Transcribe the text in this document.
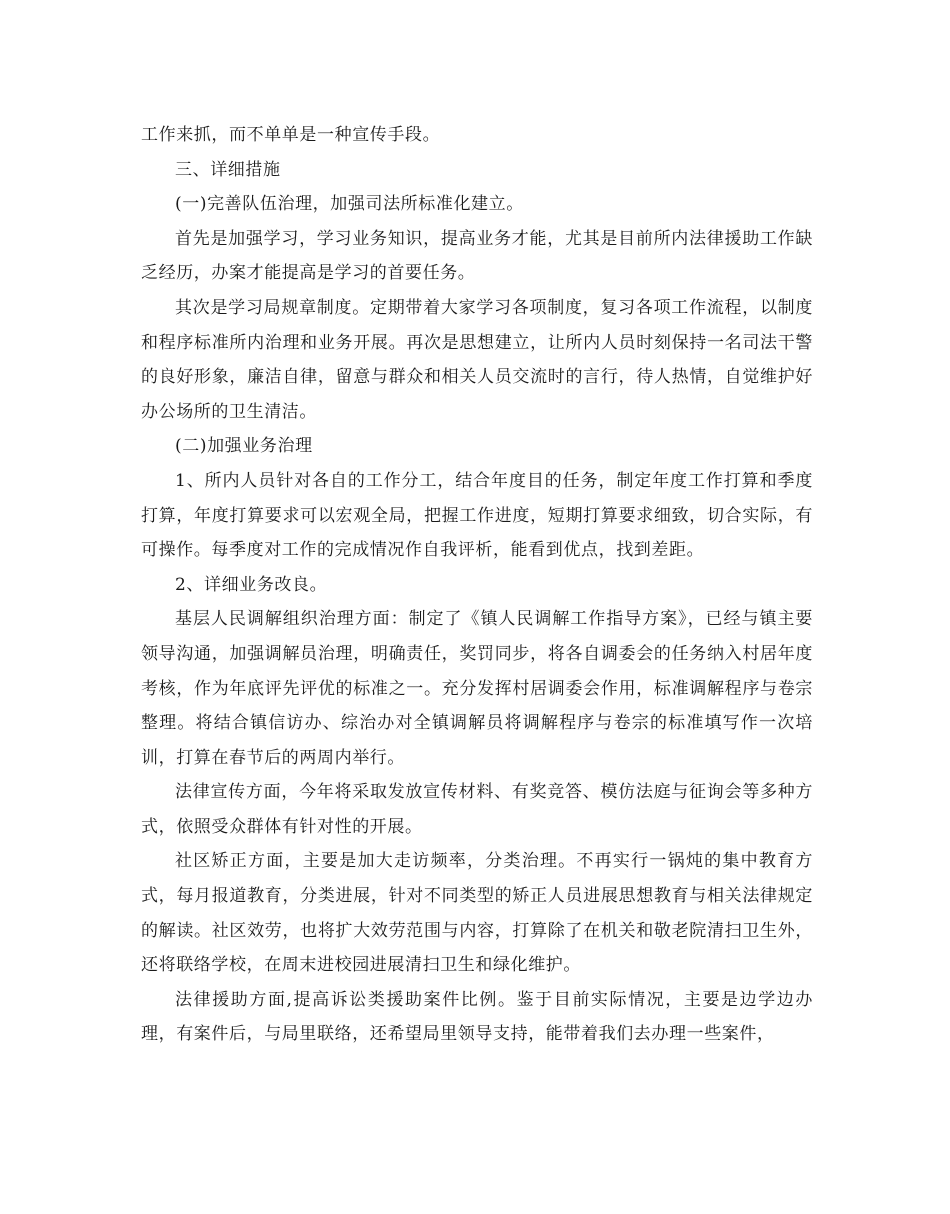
工作来抓，而不单单是一种宣传手段。

三、详细措施

(一)完善队伍治理，加强司法所标准化建立。

首先是加强学习，学习业务知识，提高业务才能，尤其是目前所内法律援助工作缺乏经历，办案才能提高是学习的首要任务。

其次是学习局规章制度。定期带着大家学习各项制度，复习各项工作流程，以制度和程序标准所内治理和业务开展。再次是思想建立，让所内人员时刻保持一名司法干警的良好形象，廉洁自律，留意与群众和相关人员交流时的言行，待人热情，自觉维护好办公场所的卫生清洁。

(二)加强业务治理

1、所内人员针对各自的工作分工，结合年度目的任务，制定年度工作打算和季度打算，年度打算要求可以宏观全局，把握工作进度，短期打算要求细致，切合实际，有可操作。每季度对工作的完成情况作自我评析，能看到优点，找到差距。

2、详细业务改良。

基层人民调解组织治理方面：制定了《镇人民调解工作指导方案》，已经与镇主要领导沟通，加强调解员治理，明确责任，奖罚同步，将各自调委会的任务纳入村居年度考核，作为年底评先评优的标准之一。充分发挥村居调委会作用，标准调解程序与卷宗整理。将结合镇信访办、综治办对全镇调解员将调解程序与卷宗的标准填写作一次培训，打算在春节后的两周内举行。

法律宣传方面，今年将采取发放宣传材料、有奖竞答、模仿法庭与征询会等多种方式，依照受众群体有针对性的开展。

社区矫正方面，主要是加大走访频率，分类治理。不再实行一锅炖的集中教育方式，每月报道教育，分类进展，针对不同类型的矫正人员进展思想教育与相关法律规定的解读。社区效劳，也将扩大效劳范围与内容，打算除了在机关和敬老院清扫卫生外，还将联络学校，在周末进校园进展清扫卫生和绿化维护。

法律援助方面,提高诉讼类援助案件比例。鉴于目前实际情况，主要是边学边办理，有案件后，与局里联络，还希望局里领导支持，能带着我们去办理一些案件，
